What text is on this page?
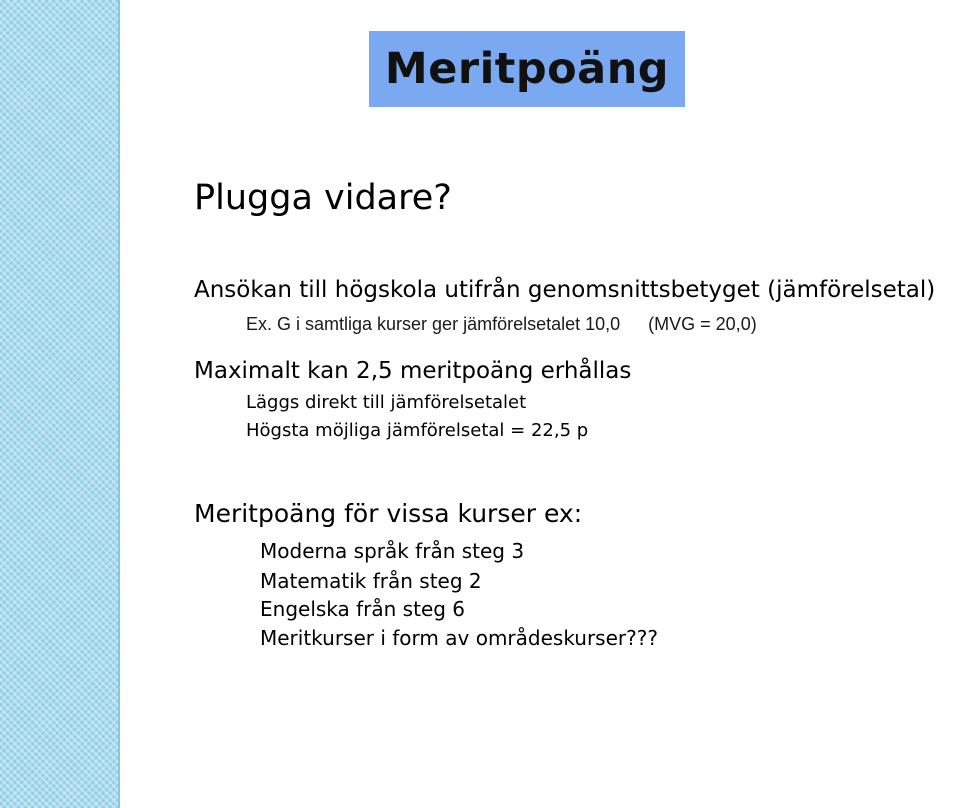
Meritpoäng

Plugga vidare?

Ansökan till högskola utifrån genomsnittsbetyget (jämförelsetal)

Ex. G i samtliga kurser ger jämförelsetalet 10,0 (MVG = 20,0)

Maximalt kan 2,5 meritpoäng erhållas

Läggs direkt till jämförelsetalet

Högsta möjliga jämförelsetal = 22,5 p

Meritpoäng för vissa kurser ex:

Moderna språk från steg 3

Matematik från steg 2

Engelska från steg 6

Meritkurser i form av områdeskurser???
